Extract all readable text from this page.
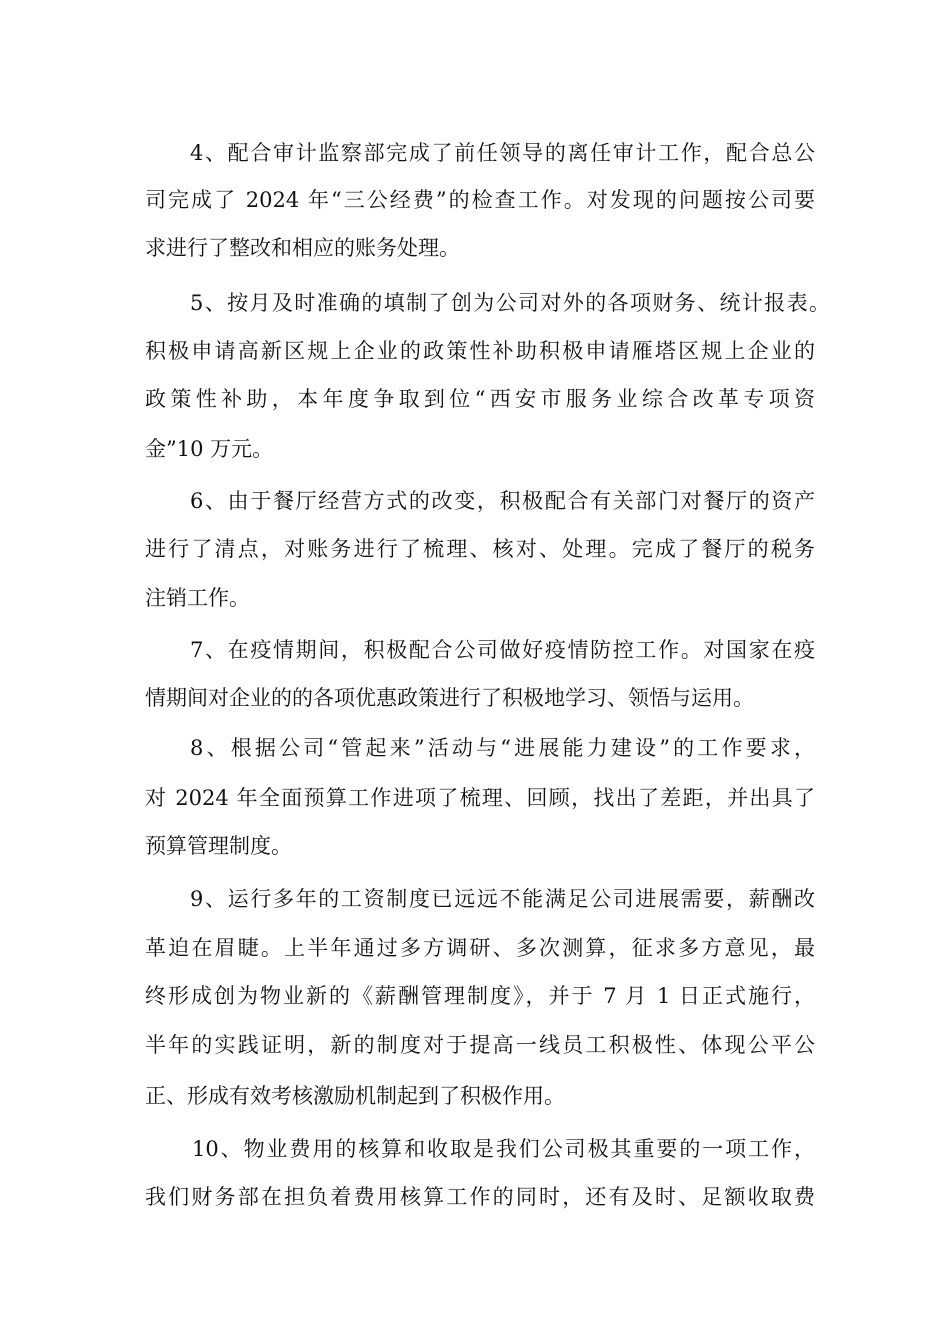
4、配合审计监察部完成了前任领导的离任审计工作，配合总公
司完成了 2024 年“三公经费”的检查工作。对发现的问题按公司要
求进行了整改和相应的账务处理。
5、按月及时准确的填制了创为公司对外的各项财务、统计报表。
积极申请高新区规上企业的政策性补助积极申请雁塔区规上企业的
政策性补助，本年度争取到位“西安市服务业综合改革专项资
金”10 万元。
6、由于餐厅经营方式的改变，积极配合有关部门对餐厅的资产
进行了清点，对账务进行了梳理、核对、处理。完成了餐厅的税务
注销工作。
7、在疫情期间，积极配合公司做好疫情防控工作。对国家在疫
情期间对企业的的各项优惠政策进行了积极地学习、领悟与运用。
8、根据公司“管起来”活动与“进展能力建设”的工作要求，
对 2024 年全面预算工作进项了梳理、回顾，找出了差距，并出具了
预算管理制度。
9、运行多年的工资制度已远远不能满足公司进展需要，薪酬改
革迫在眉睫。上半年通过多方调研、多次测算，征求多方意见，最
终形成创为物业新的《薪酬管理制度》，并于 7 月 1 日正式施行，
半年的实践证明，新的制度对于提高一线员工积极性、体现公平公
正、形成有效考核激励机制起到了积极作用。
10、物业费用的核算和收取是我们公司极其重要的一项工作，
我们财务部在担负着费用核算工作的同时，还有及时、足额收取费
